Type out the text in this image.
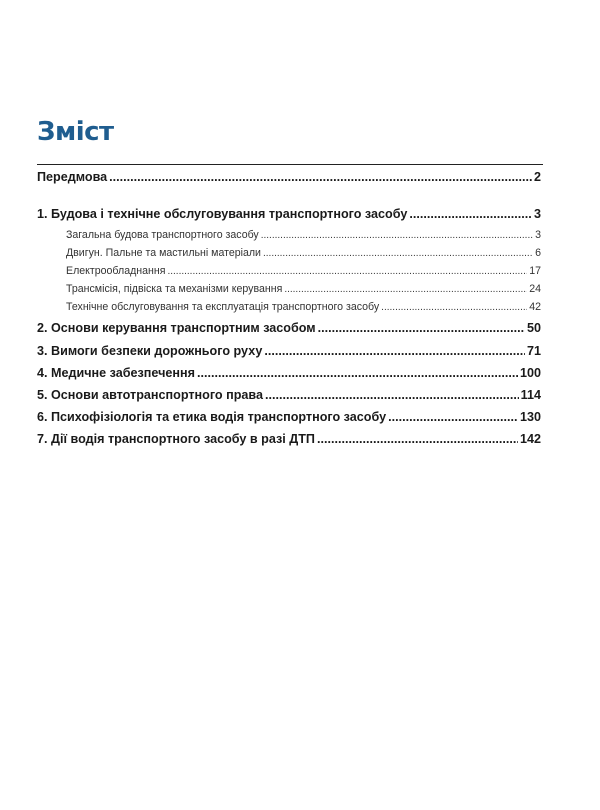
Зміст
Передмова .....	2
1. Будова і технічне обслуговування транспортного засобу .....	3
Загальна будова транспортного засобу .....	3
Двигун. Пальне та мастильні матеріали .....	6
Електрообладнання .....	17
Трансмісія, підвіска та механізми керування .....	24
Технічне обслуговування та експлуатація транспортного засобу .....	42
2. Основи керування транспортним засобом .....	50
3. Вимоги безпеки дорожнього руху .....	71
4. Медичне забезпечення .....	100
5. Основи автотранспортного права .....	114
6. Психофізіологія та етика водія транспортного засобу .....	130
7. Дії водія транспортного засобу в разі ДТП .....	142
